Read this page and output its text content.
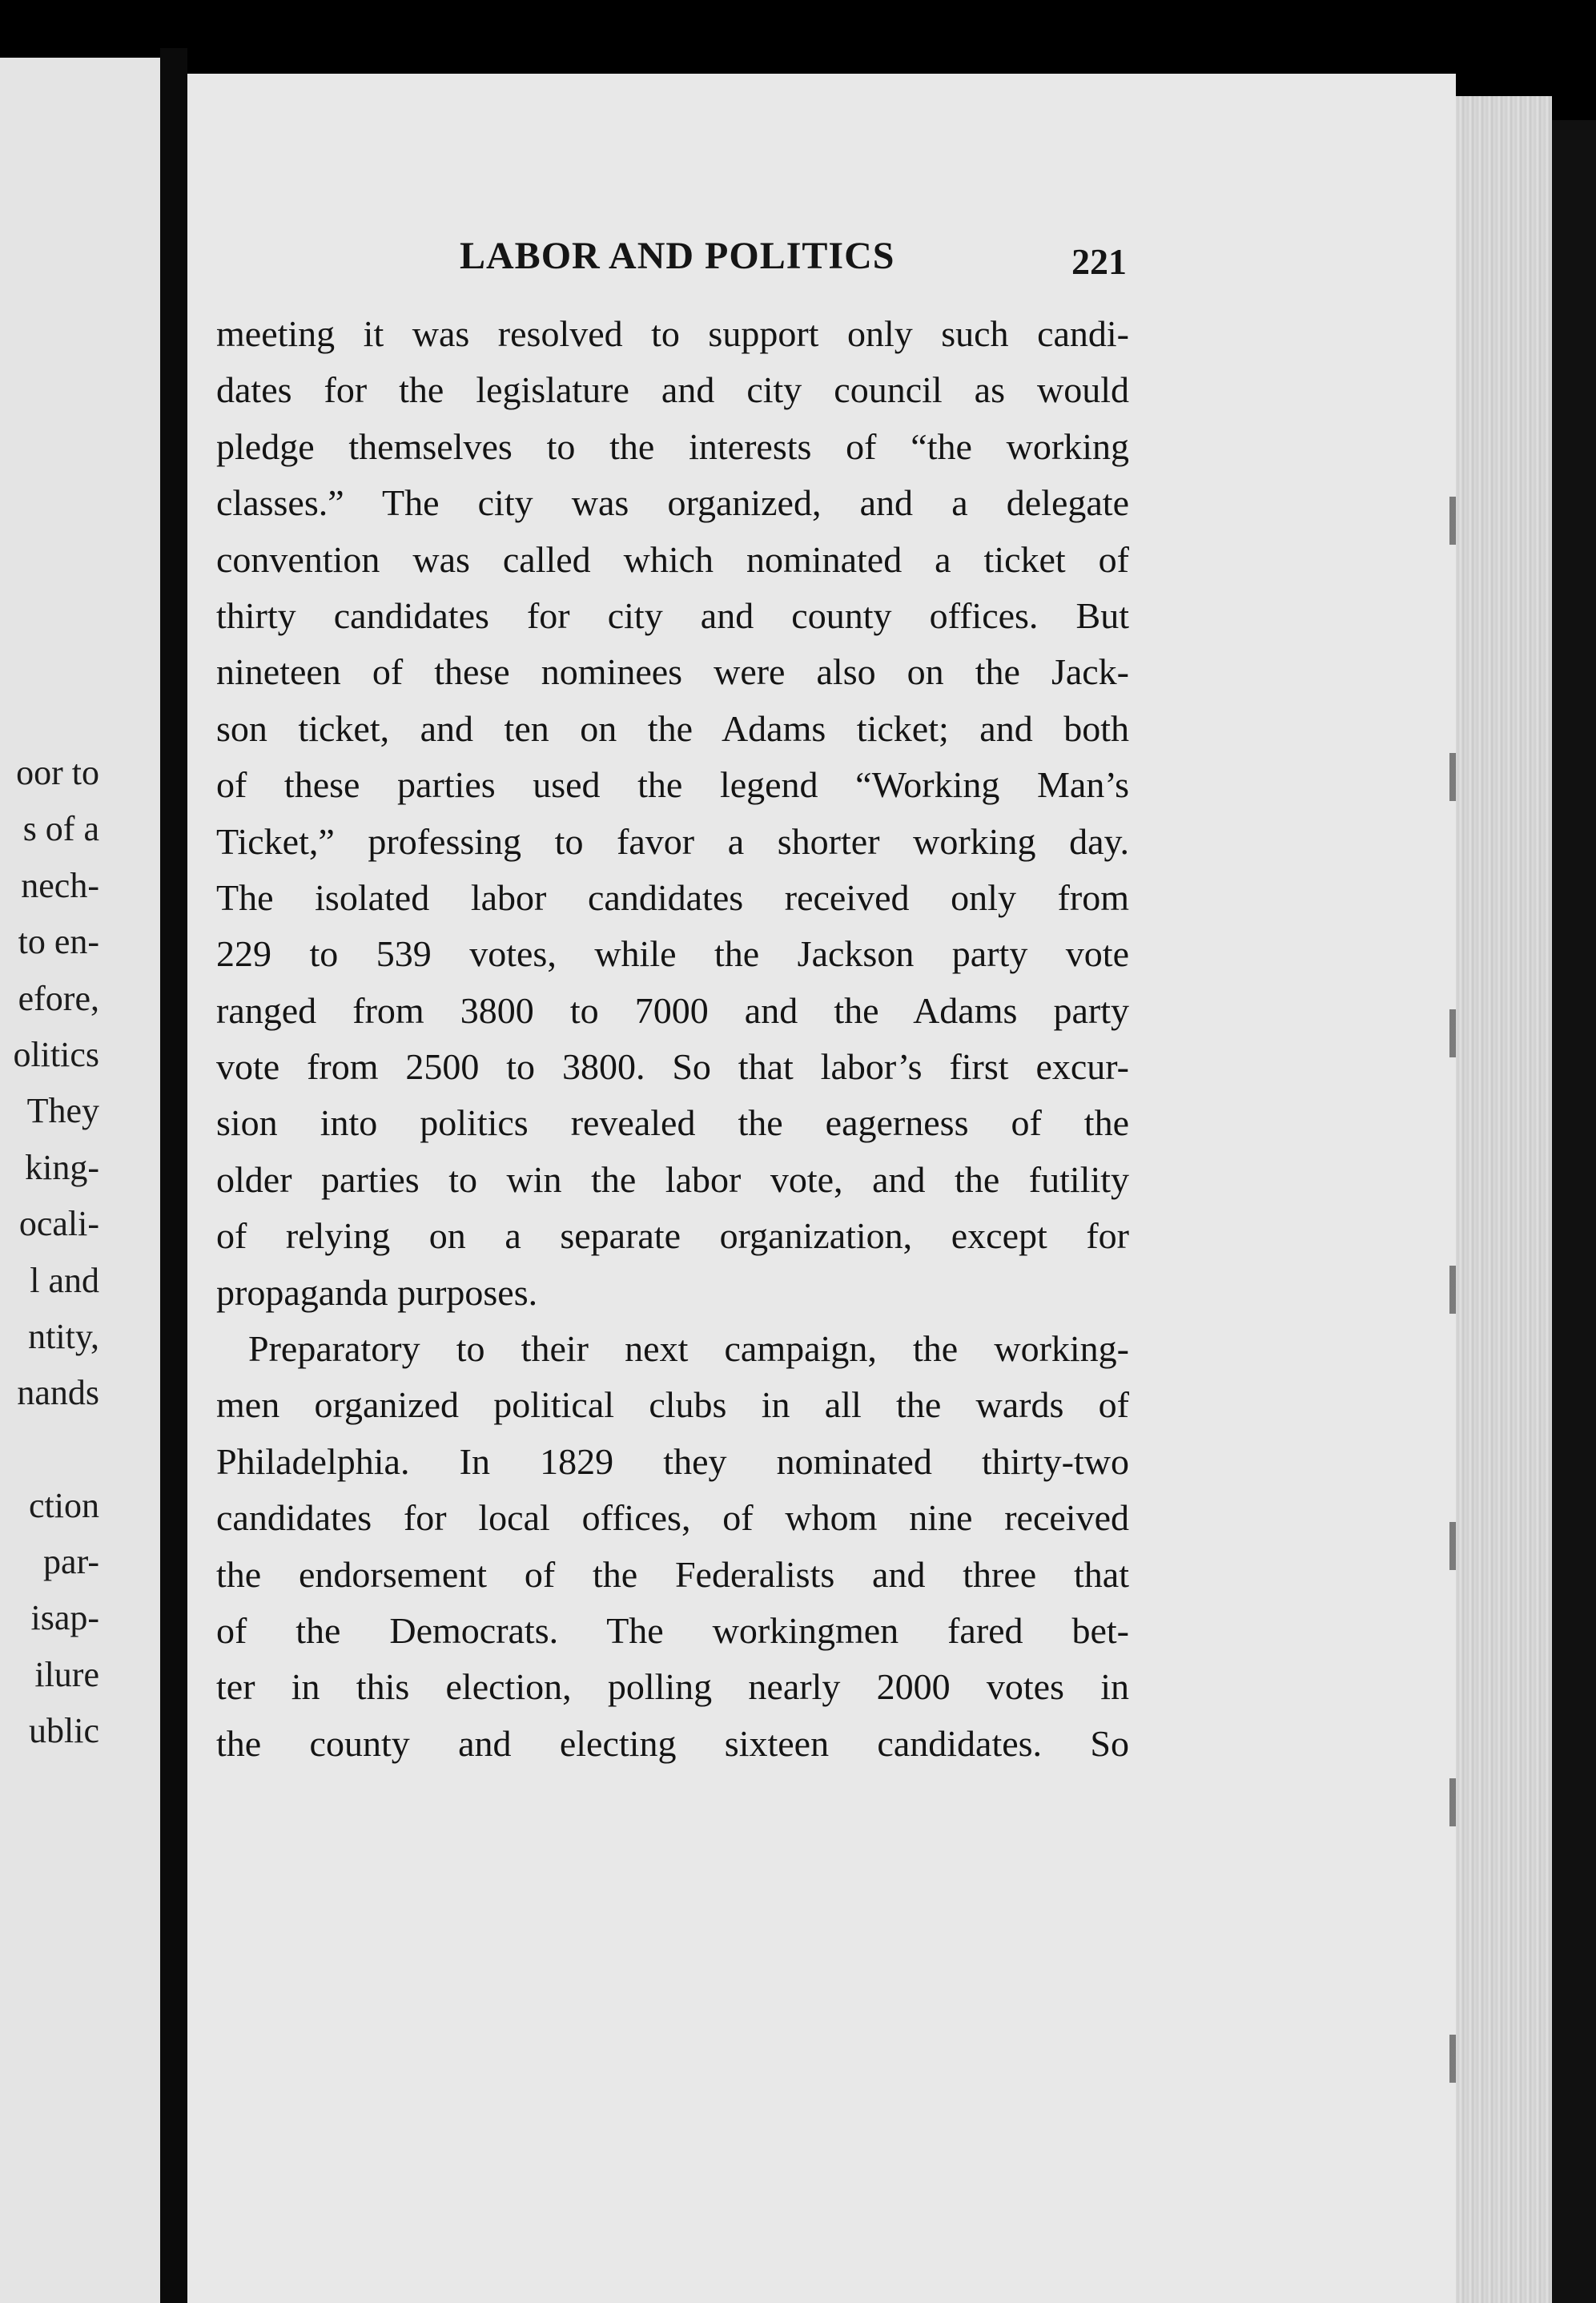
oor to
s of a
nech-
to en-
efore,
olitics
They
king-
ocali-
l and
ntity,
nands
ction
par-
isap-
ilure
ublic
LABOR AND POLITICS	221
meeting it was resolved to support only such candi-
dates for the legislature and city council as would
pledge themselves to the interests of “the working
classes.” The city was organized, and a delegate
convention was called which nominated a ticket of
thirty candidates for city and county offices. But
nineteen of these nominees were also on the Jack-
son ticket, and ten on the Adams ticket; and both
of these parties used the legend “Working Man’s
Ticket,” professing to favor a shorter working day.
The isolated labor candidates received only from
229 to 539 votes, while the Jackson party vote
ranged from 3800 to 7000 and the Adams party
vote from 2500 to 3800. So that labor’s first excur-
sion into politics revealed the eagerness of the
older parties to win the labor vote, and the futility
of relying on a separate organization, except for
propaganda purposes.
Preparatory to their next campaign, the working-
men organized political clubs in all the wards of
Philadelphia. In 1829 they nominated thirty-two
candidates for local offices, of whom nine received
the endorsement of the Federalists and three that
of the Democrats. The workingmen fared bet-
ter in this election, polling nearly 2000 votes in
the county and electing sixteen candidates. So
